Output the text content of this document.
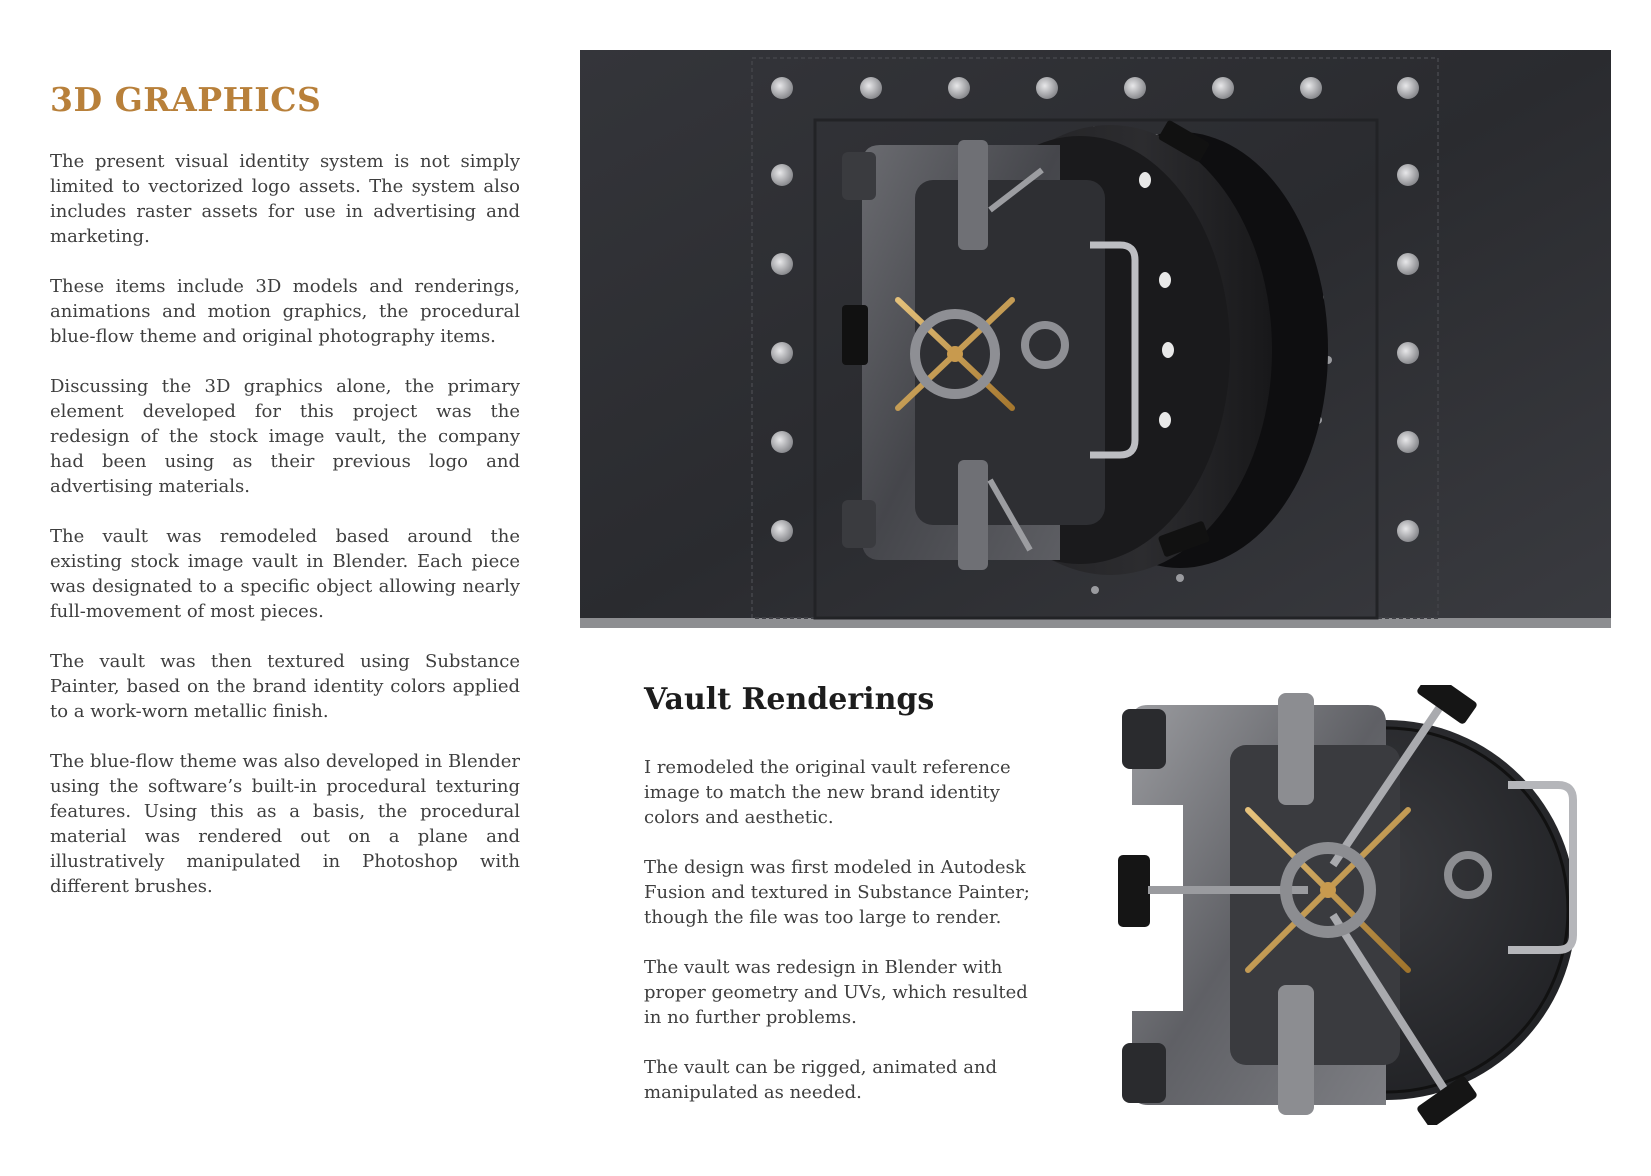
3D GRAPHICS

The present visual identity system is not simply limited to vectorized logo assets. The system also includes raster assets for use in advertising and marketing.

These items include 3D models and renderings, animations and motion graphics, the procedural blue-flow theme and original photography items.

Discussing the 3D graphics alone, the primary element developed for this project was the redesign of the stock image vault, the company had been using as their previous logo and advertising materials.

The vault was remodeled based around the existing stock image vault in Blender. Each piece was designated to a specific object allowing nearly full-movement of most pieces.

The vault was then textured using Substance Painter, based on the brand identity colors applied to a work-worn metallic finish.

The blue-flow theme was also developed in Blender using the software’s built-in procedural texturing features. Using this as a basis, the procedural material was rendered out on a plane and illustratively manipulated in Photoshop with different brushes.

Vault Renderings

I remodeled the original vault reference image to match the new brand identity colors and aesthetic.

The design was first modeled in Autodesk Fusion and textured in Substance Painter; though the file was too large to render.

The vault was redesign in Blender with proper geometry and UVs, which resulted in no further problems.

The vault can be rigged, animated and manipulated as needed.
